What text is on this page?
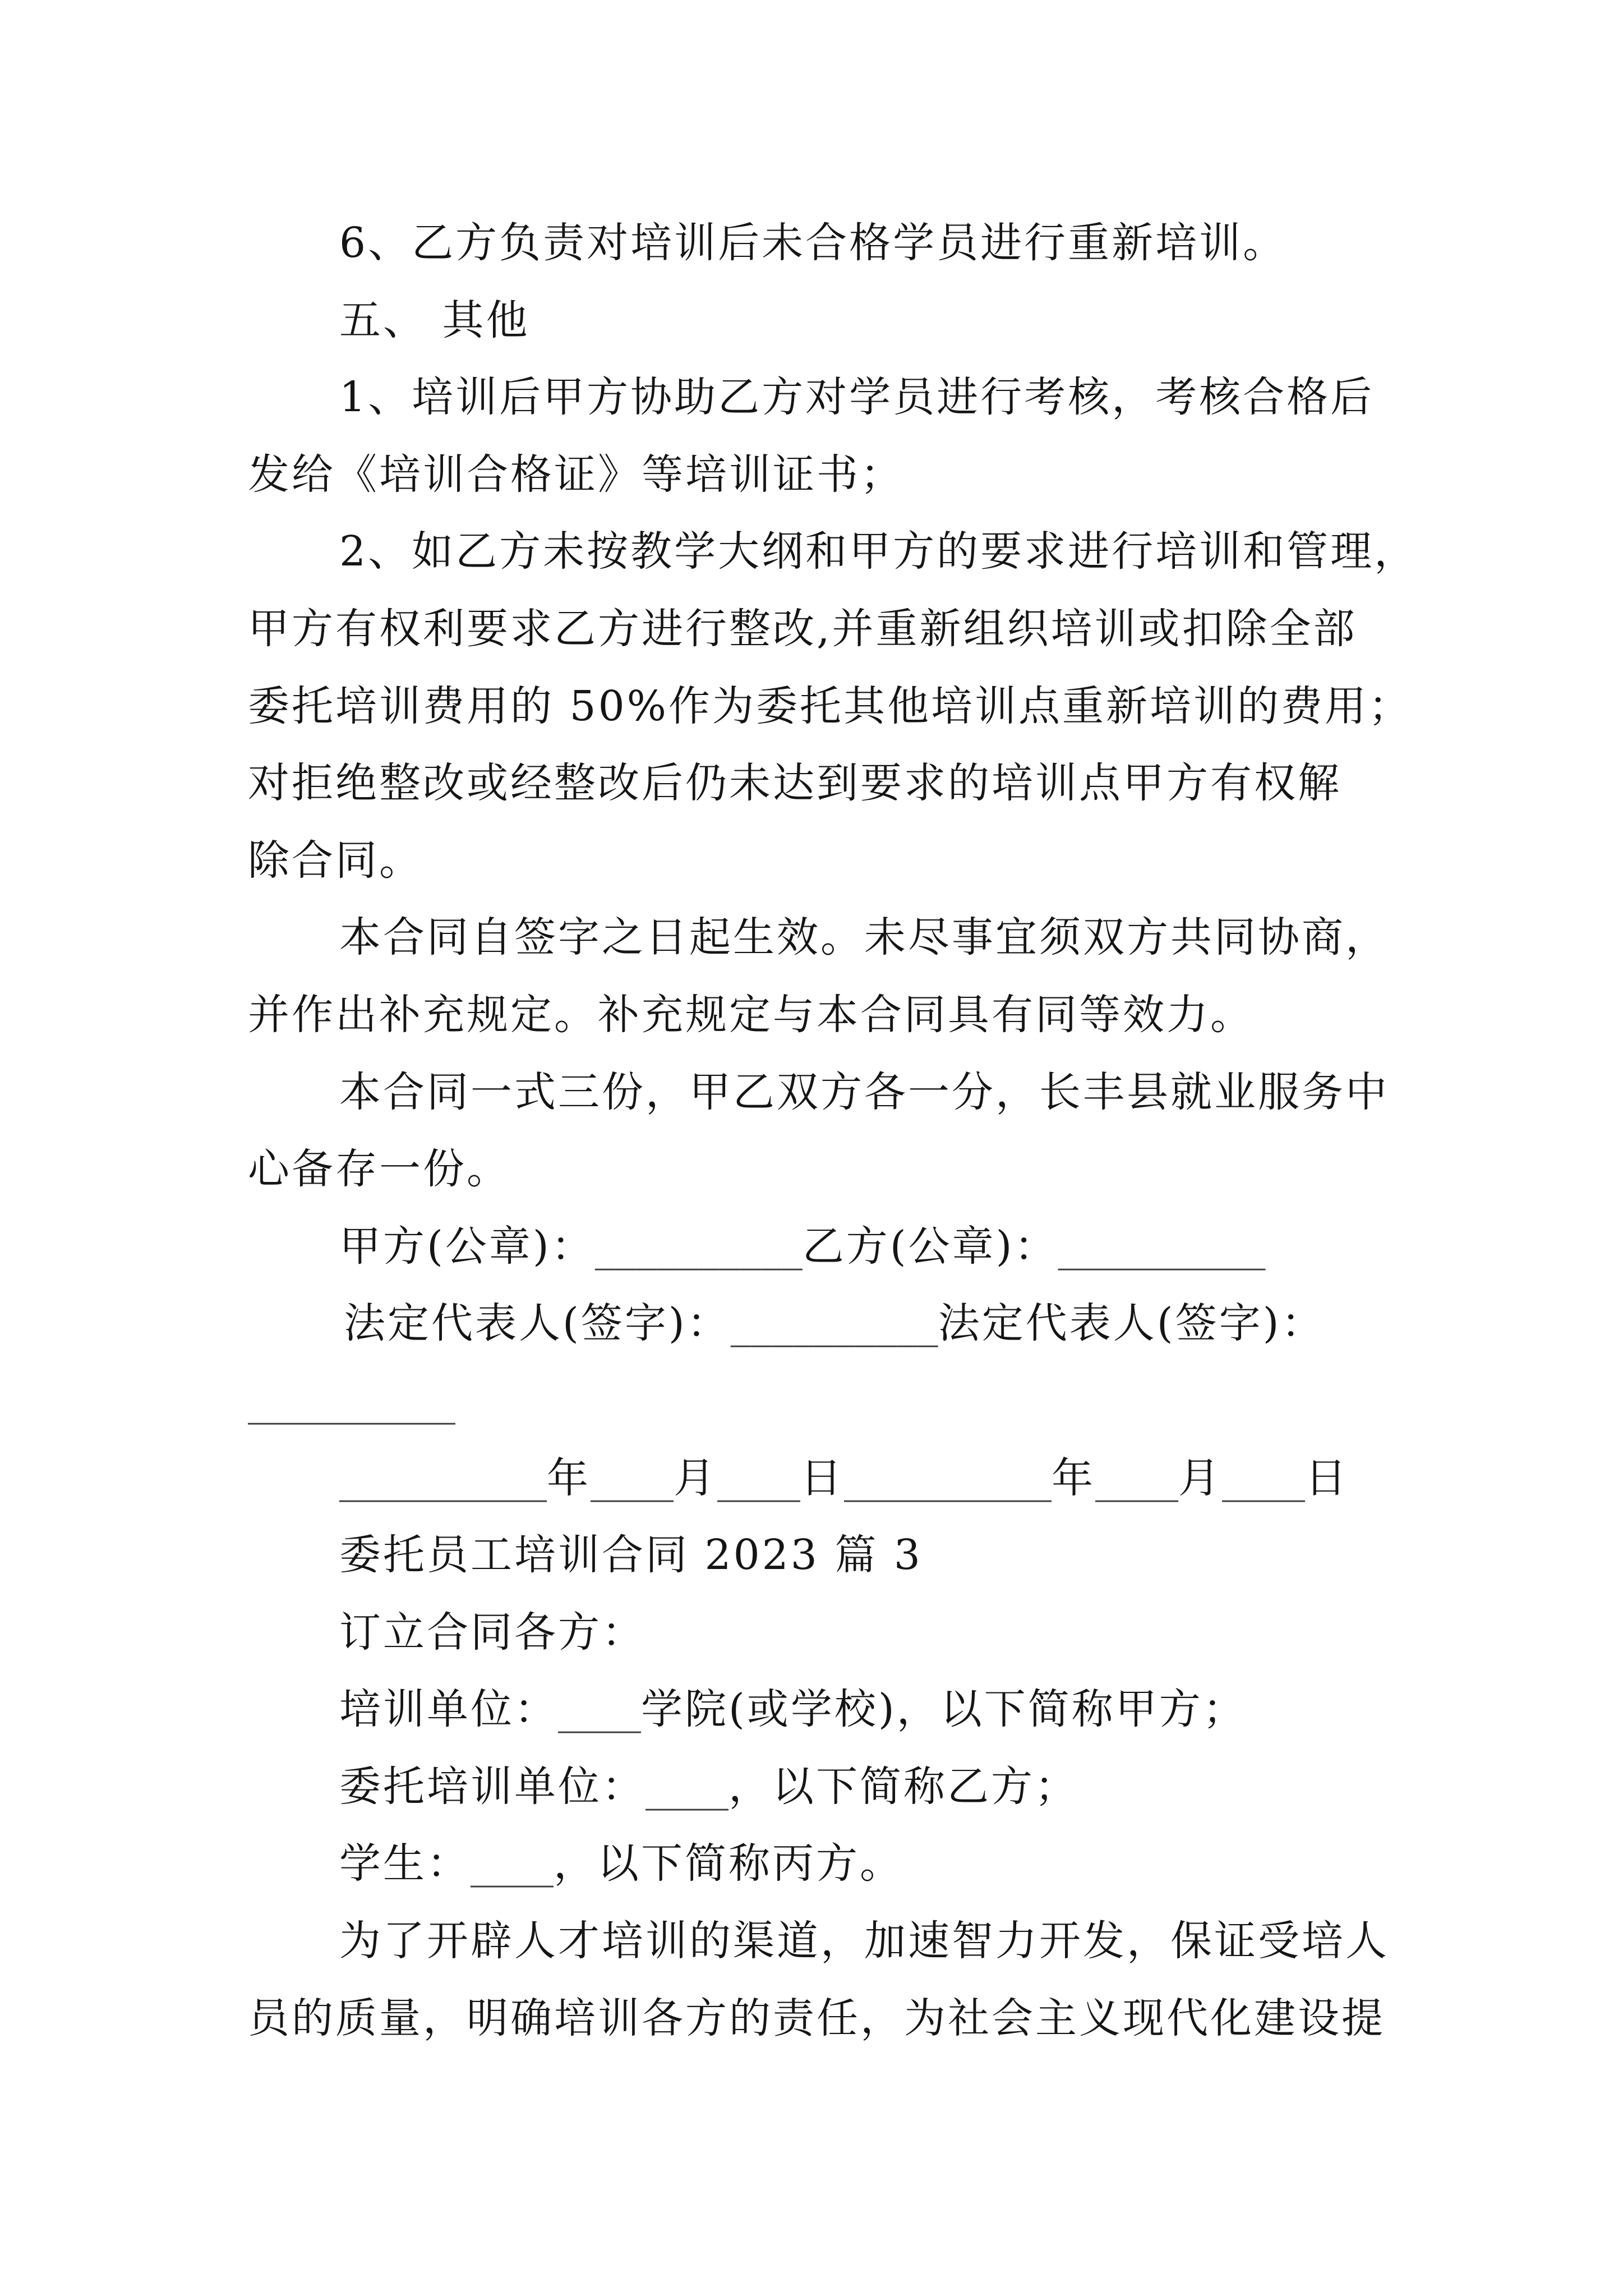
6、乙方负责对培训后未合格学员进行重新培训。
五、 其他
1、培训后甲方协助乙方对学员进行考核，考核合格后
发给《培训合格证》等培训证书；
2、如乙方未按教学大纲和甲方的要求进行培训和管理，
甲方有权利要求乙方进行整改,并重新组织培训或扣除全部
委托培训费用的 50%作为委托其他培训点重新培训的费用；
对拒绝整改或经整改后仍未达到要求的培训点甲方有权解
除合同。
本合同自签字之日起生效。未尽事宜须双方共同协商，
并作出补充规定。补充规定与本合同具有同等效力。
本合同一式三份，甲乙双方各一分，长丰县就业服务中
心备存一份。
甲方(公章)：__________乙方(公章)：__________
法定代表人(签字)：__________法定代表人(签字)：
__________
__________年____月____日__________年____月____日
委托员工培训合同 2023 篇 3
订立合同各方：
培训单位：____学院(或学校)，以下简称甲方；
委托培训单位：____，以下简称乙方；
学生：____，以下简称丙方。
为了开辟人才培训的渠道，加速智力开发，保证受培人
员的质量，明确培训各方的责任，为社会主义现代化建设提
